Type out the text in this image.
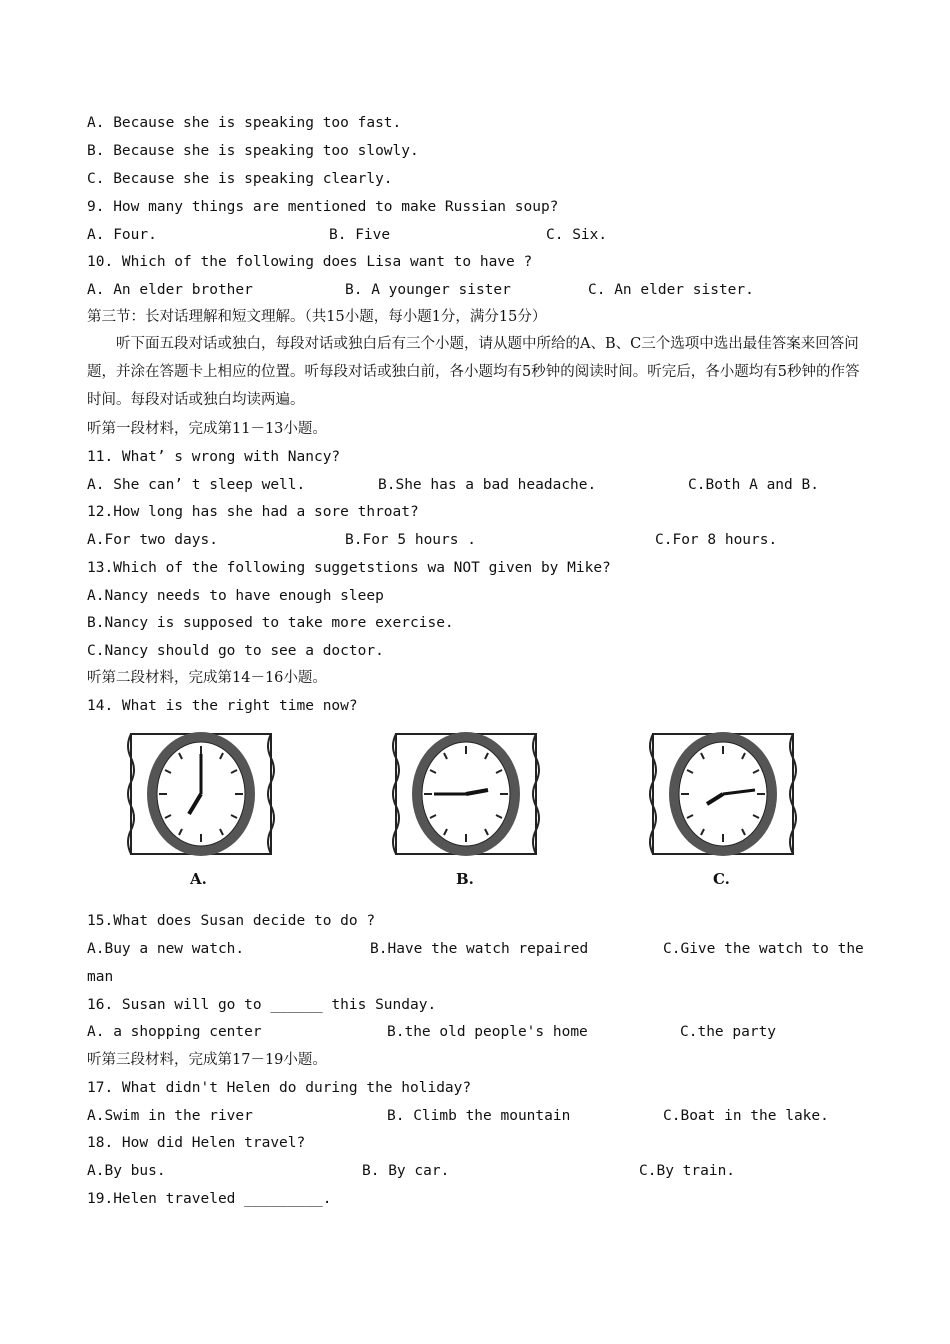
A. Because she is speaking too fast.
B. Because she is speaking too slowly.
C. Because she is speaking clearly.
9. How many things are mentioned to make Russian soup?
A. Four.	B. Five	C. Six.
10. Which of the following does Lisa want to have ?
A. An elder brother	B. A younger sister	C. An elder sister.
第三节：长对话理解和短文理解。（共15小题，每小题1分，满分15分）
听下面五段对话或独白，每段对话或独白后有三个小题，请从题中所给的A、B、C三个选项中选出最佳答案来回答问题，并涂在答题卡上相应的位置。听每段对话或独白前，各小题均有5秒钟的阅读时间。听完后，各小题均有5秒钟的作答时间。每段对话或独白均读两遍。
听第一段材料，完成第11－13小题。
11. What’ s wrong with Nancy?
A. She can’ t sleep well.	B.She has a bad headache.	C.Both A and B.
12.How long has she had a sore throat?
A.For two days.	B.For 5 hours .	C.For 8 hours.
13.Which of the following suggetstions wa NOT given by Mike?
A.Nancy needs to have enough sleep
B.Nancy is supposed to take more exercise.
C.Nancy should go to see a doctor.
听第二段材料，完成第14－16小题。
14. What is the right time now?
A.	B.	C.
15.What does Susan decide to do ?
A.Buy a new watch.	B.Have the watch repaired	C.Give the watch to the
man
16. Susan will go to ______ this Sunday.
A. a shopping center	B.the old people's home	C.the party
听第三段材料，完成第17－19小题。
17. What didn't Helen do during the holiday?
A.Swim in the river	B. Climb the mountain	C.Boat in the lake.
18. How did Helen travel?
A.By bus.	B. By car.	C.By train.
19.Helen traveled _________.
